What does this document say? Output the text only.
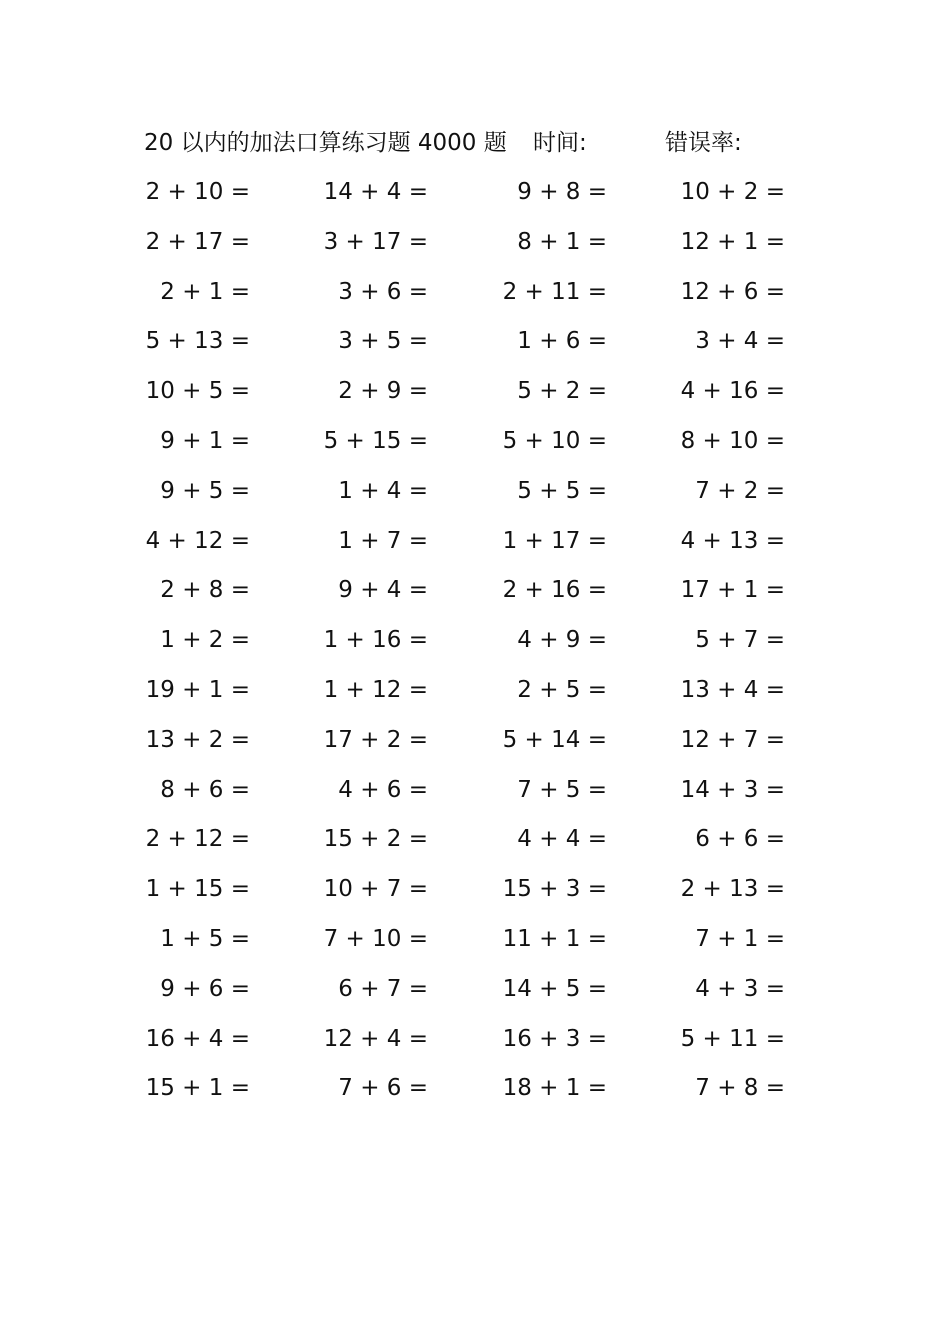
20 以内的加法口算练习题 4000 题 时间:	错误率:
2 + 10 =	14 + 4 =	9 + 8 =	10 + 2 =
2 + 17 =	3 + 17 =	8 + 1 =	12 + 1 =
2 + 1 =	3 + 6 =	2 + 11 =	12 + 6 =
5 + 13 =	3 + 5 =	1 + 6 =	3 + 4 =
10 + 5 =	2 + 9 =	5 + 2 =	4 + 16 =
9 + 1 =	5 + 15 =	5 + 10 =	8 + 10 =
9 + 5 =	1 + 4 =	5 + 5 =	7 + 2 =
4 + 12 =	1 + 7 =	1 + 17 =	4 + 13 =
2 + 8 =	9 + 4 =	2 + 16 =	17 + 1 =
1 + 2 =	1 + 16 =	4 + 9 =	5 + 7 =
19 + 1 =	1 + 12 =	2 + 5 =	13 + 4 =
13 + 2 =	17 + 2 =	5 + 14 =	12 + 7 =
8 + 6 =	4 + 6 =	7 + 5 =	14 + 3 =
2 + 12 =	15 + 2 =	4 + 4 =	6 + 6 =
1 + 15 =	10 + 7 =	15 + 3 =	2 + 13 =
1 + 5 =	7 + 10 =	11 + 1 =	7 + 1 =
9 + 6 =	6 + 7 =	14 + 5 =	4 + 3 =
16 + 4 =	12 + 4 =	16 + 3 =	5 + 11 =
15 + 1 =	7 + 6 =	18 + 1 =	7 + 8 =
